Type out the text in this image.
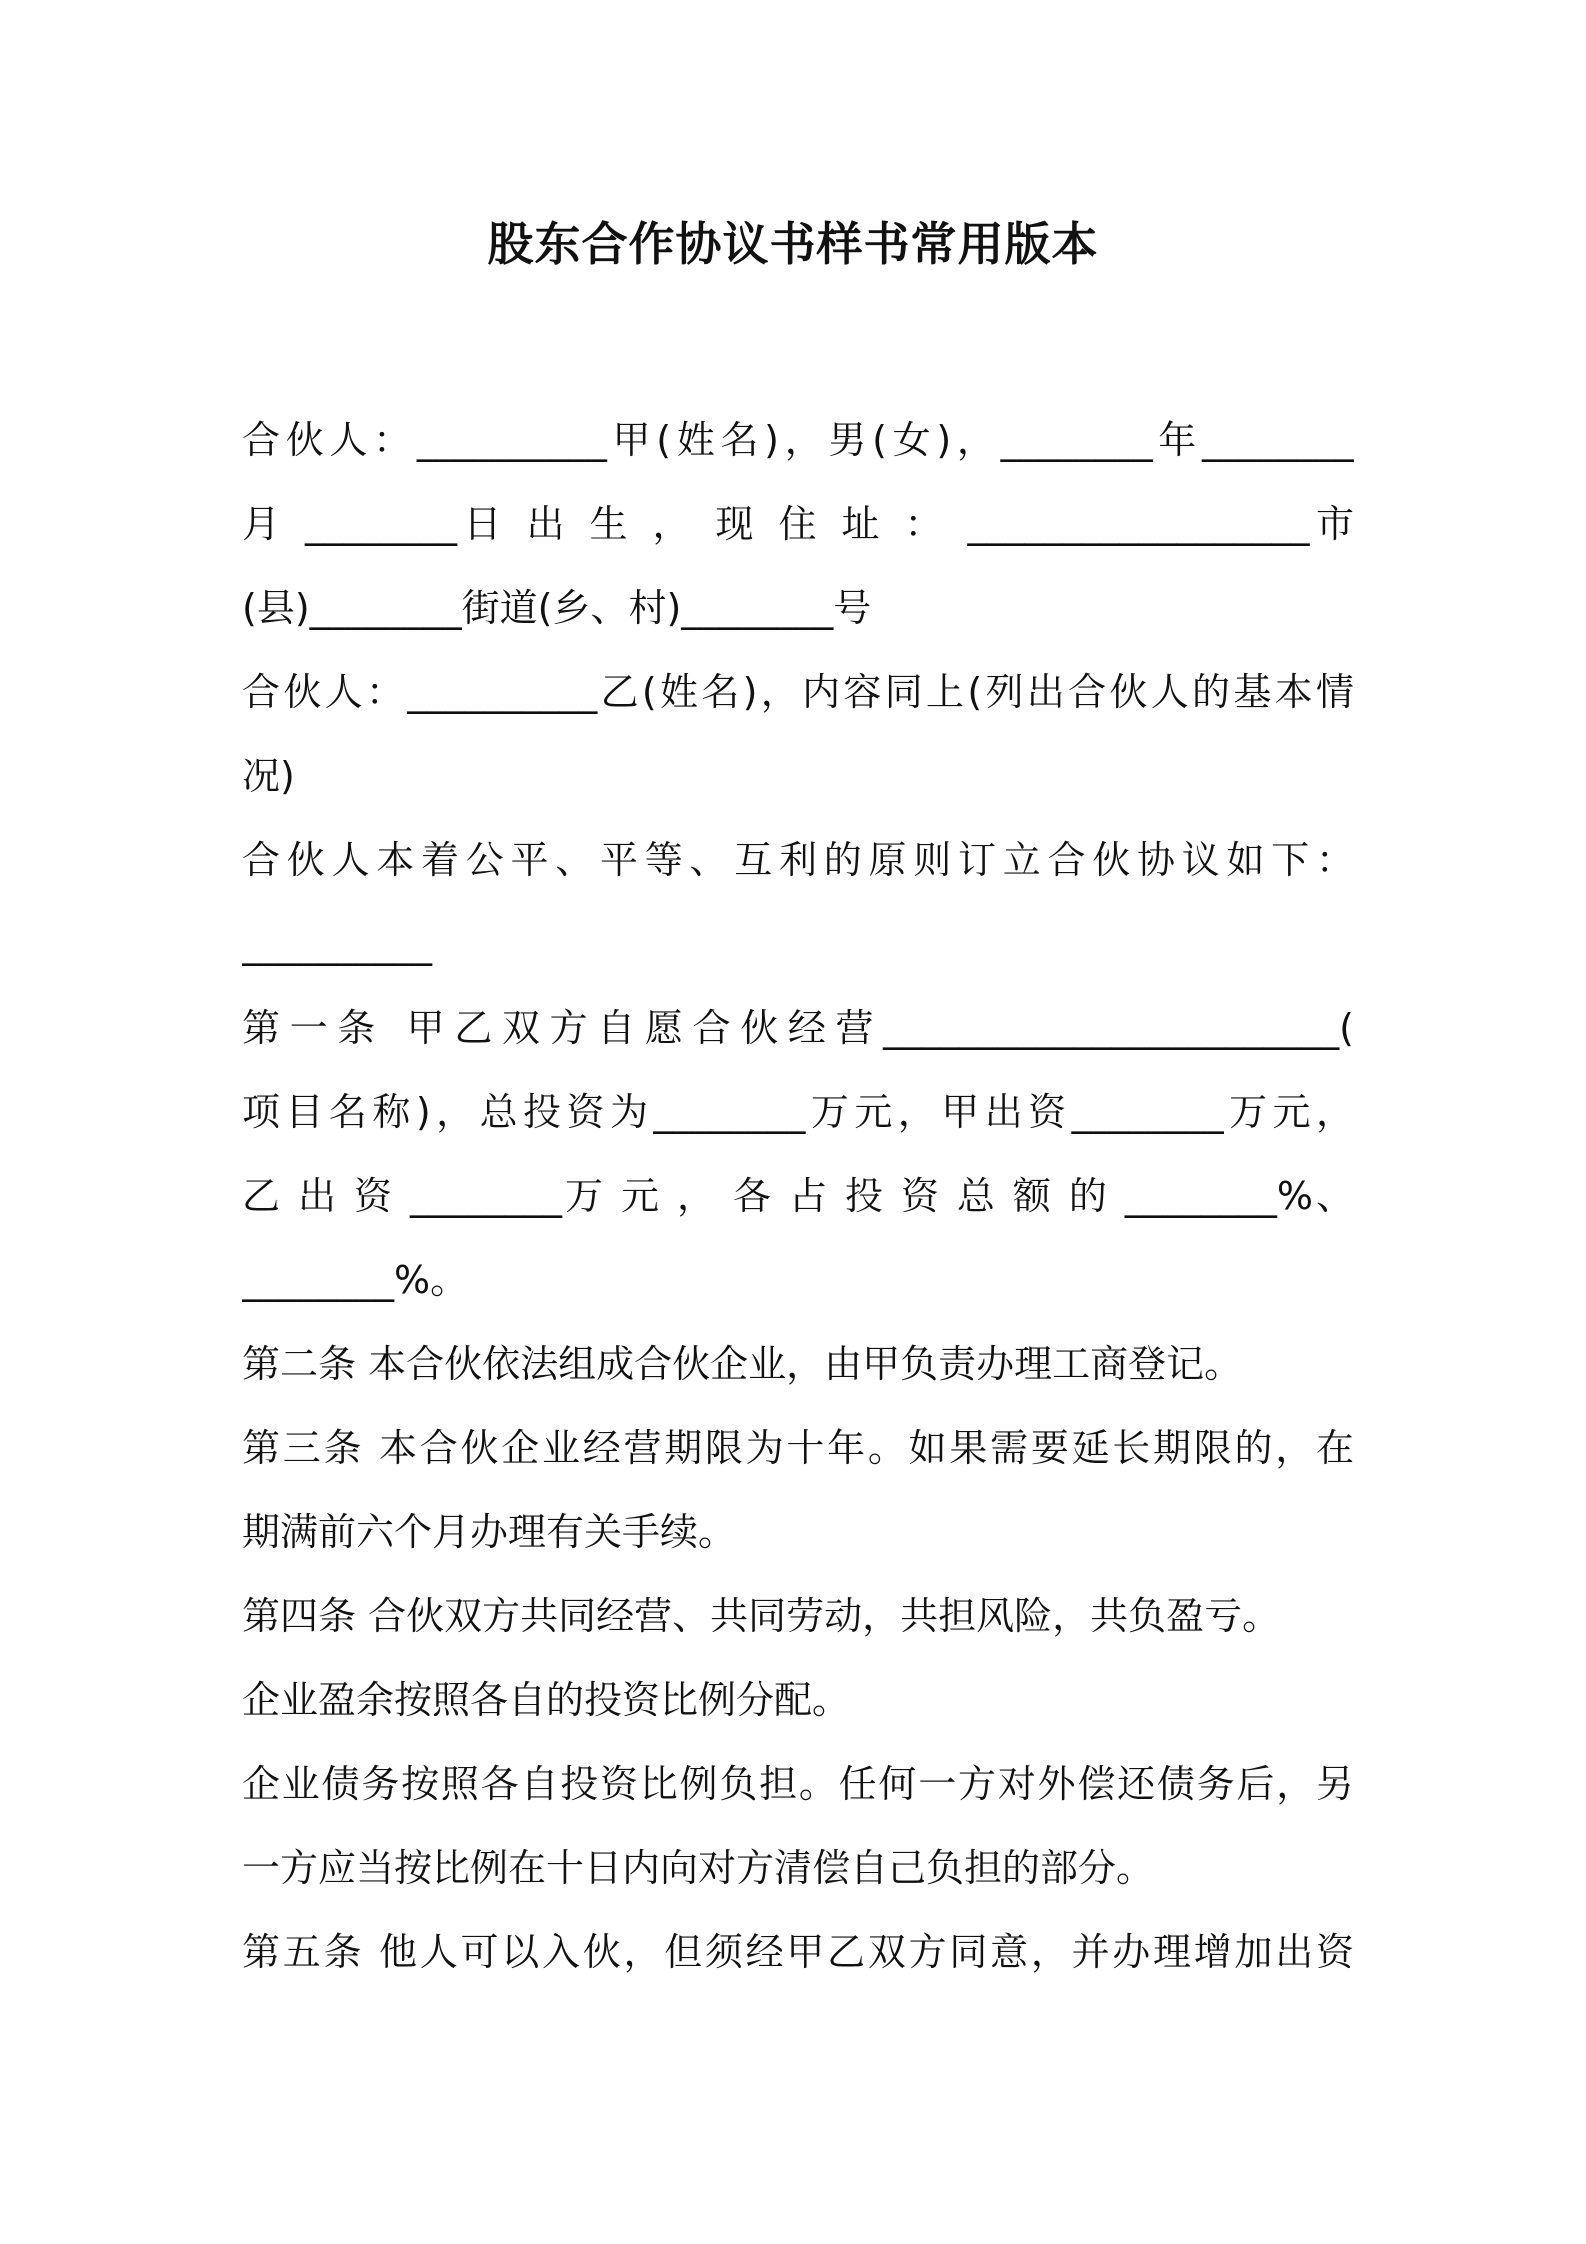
股东合作协议书样书常用版本
合伙人：__________甲(姓名)，男(女)，________年________
月 ________日 出 生 ， 现 住 址 ： __________________市
(县)________街道(乡、村)________号
合伙人：__________乙(姓名)，内容同上(列出合伙人的基本情
况)
合伙人本着公平、平等、互利的原则订立合伙协议如下：
__________
第一条 甲乙双方自愿合伙经营________________________(
项目名称)，总投资为________万元，甲出资________万元，
乙 出 资 ________万 元 ， 各 占 投 资 总 额 的 ________%、
________%。
第二条 本合伙依法组成合伙企业，由甲负责办理工商登记。
第三条 本合伙企业经营期限为十年。如果需要延长期限的，在
期满前六个月办理有关手续。
第四条 合伙双方共同经营、共同劳动，共担风险，共负盈亏。
企业盈余按照各自的投资比例分配。
企业债务按照各自投资比例负担。任何一方对外偿还债务后，另
一方应当按比例在十日内向对方清偿自己负担的部分。
第五条 他人可以入伙，但须经甲乙双方同意，并办理增加出资
